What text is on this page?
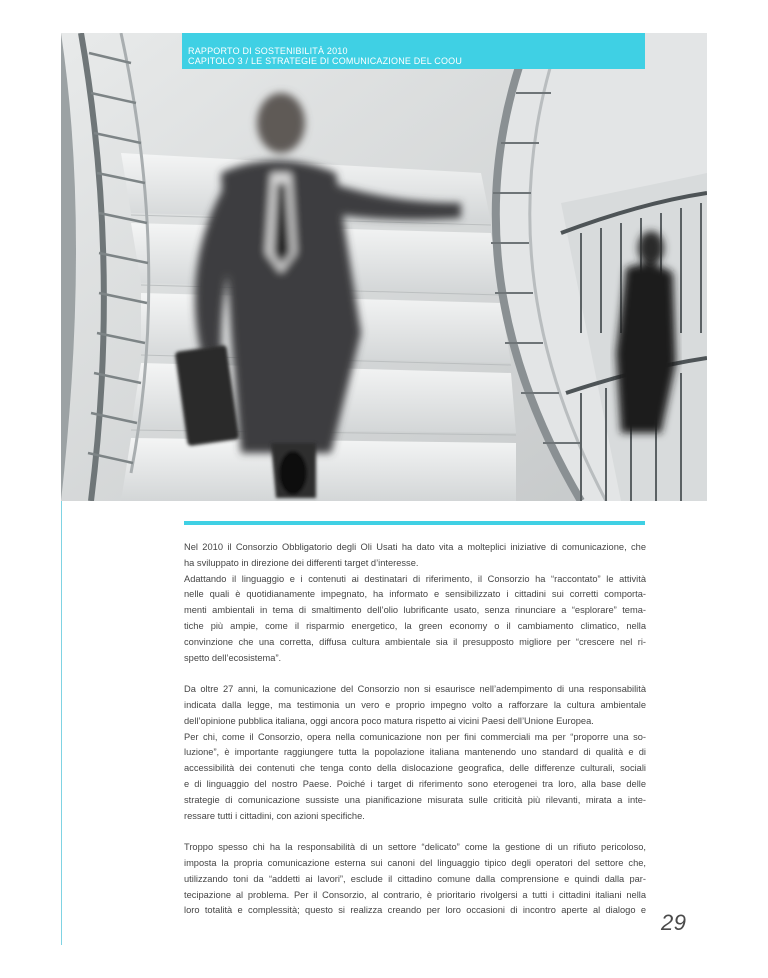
RAPPORTO DI SOSTENIBILITÀ 2010
CAPITOLO 3 / LE STRATEGIE DI COMUNICAZIONE DEL COOU
Nel 2010 il Consorzio Obbligatorio degli Oli Usati ha dato vita a molteplici iniziative di comunicazione, che
ha sviluppato in direzione dei differenti target d’interesse.
Adattando il linguaggio e i contenuti ai destinatari di riferimento, il Consorzio ha “raccontato” le attività
nelle quali è quotidianamente impegnato, ha informato e sensibilizzato i cittadini sui corretti comporta-
menti ambientali in tema di smaltimento dell’olio lubrificante usato, senza rinunciare a “esplorare” tema-
tiche più ampie, come il risparmio energetico, la green economy o il cambiamento climatico, nella
convinzione che una corretta, diffusa cultura ambientale sia il presupposto migliore per “crescere nel ri-
spetto dell’ecosistema”.
Da oltre 27 anni, la comunicazione del Consorzio non si esaurisce nell’adempimento di una responsabilità
indicata dalla legge, ma testimonia un vero e proprio impegno volto a rafforzare la cultura ambientale
dell’opinione pubblica italiana, oggi ancora poco matura rispetto ai vicini Paesi dell’Unione Europea.
Per chi, come il Consorzio, opera nella comunicazione non per fini commerciali ma per “proporre una so-
luzione”, è importante raggiungere tutta la popolazione italiana mantenendo uno standard di qualità e di
accessibilità dei contenuti che tenga conto della dislocazione geografica, delle differenze culturali, sociali
e di linguaggio del nostro Paese. Poiché i target di riferimento sono eterogenei tra loro, alla base delle
strategie di comunicazione sussiste una pianificazione misurata sulle criticità più rilevanti, mirata a inte-
ressare tutti i cittadini, con azioni specifiche.
Troppo spesso chi ha la responsabilità di un settore “delicato” come la gestione di un rifiuto pericoloso,
imposta la propria comunicazione esterna sui canoni del linguaggio tipico degli operatori del settore che,
utilizzando toni da “addetti ai lavori”, esclude il cittadino comune dalla comprensione e quindi dalla par-
tecipazione al problema. Per il Consorzio, al contrario, è prioritario rivolgersi a tutti i cittadini italiani nella
loro totalità e complessità; questo si realizza creando per loro occasioni di incontro aperte al dialogo e 29
